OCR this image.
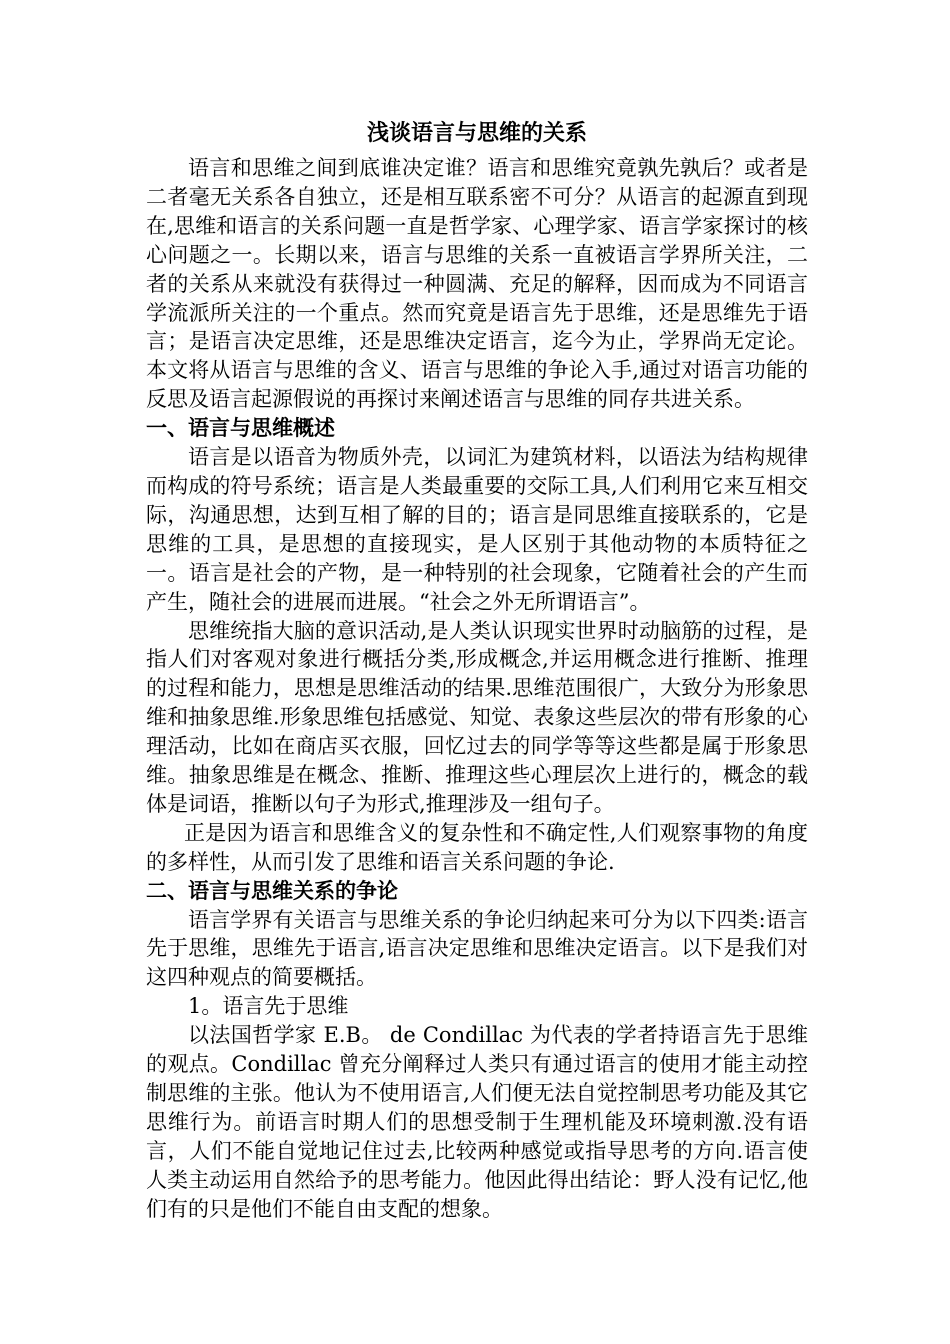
浅谈语言与思维的关系

语言和思维之间到底谁决定谁？语言和思维究竟孰先孰后？或者是二者毫无关系各自独立，还是相互联系密不可分？从语言的起源直到现在,思维和语言的关系问题一直是哲学家、心理学家、语言学家探讨的核心问题之一。长期以来，语言与思维的关系一直被语言学界所关注，二者的关系从来就没有获得过一种圆满、充足的解释，因而成为不同语言学流派所关注的一个重点。然而究竟是语言先于思维，还是思维先于语言；是语言决定思维，还是思维决定语言，迄今为止，学界尚无定论。本文将从语言与思维的含义、语言与思维的争论入手,通过对语言功能的反思及语言起源假说的再探讨来阐述语言与思维的同存共进关系。

一、语言与思维概述

语言是以语音为物质外壳，以词汇为建筑材料，以语法为结构规律而构成的符号系统；语言是人类最重要的交际工具,人们利用它来互相交际，沟通思想，达到互相了解的目的；语言是同思维直接联系的，它是思维的工具，是思想的直接现实，是人区别于其他动物的本质特征之一。语言是社会的产物，是一种特别的社会现象，它随着社会的产生而产生，随社会的进展而进展。“社会之外无所谓语言”。

思维统指大脑的意识活动,是人类认识现实世界时动脑筋的过程，是指人们对客观对象进行概括分类,形成概念,并运用概念进行推断、推理的过程和能力，思想是思维活动的结果.思维范围很广，大致分为形象思维和抽象思维.形象思维包括感觉、知觉、表象这些层次的带有形象的心理活动，比如在商店买衣服，回忆过去的同学等等这些都是属于形象思维。抽象思维是在概念、推断、推理这些心理层次上进行的，概念的载体是词语，推断以句子为形式,推理涉及一组句子。

正是因为语言和思维含义的复杂性和不确定性,人们观察事物的角度的多样性，从而引发了思维和语言关系问题的争论.

二、语言与思维关系的争论

语言学界有关语言与思维关系的争论归纳起来可分为以下四类:语言先于思维，思维先于语言,语言决定思维和思维决定语言。以下是我们对这四种观点的简要概括。

1。语言先于思维

以法国哲学家 E.B。 de Condillac 为代表的学者持语言先于思维的观点。Condillac 曾充分阐释过人类只有通过语言的使用才能主动控制思维的主张。他认为不使用语言,人们便无法自觉控制思考功能及其它思维行为。前语言时期人们的思想受制于生理机能及环境刺激.没有语言，人们不能自觉地记住过去,比较两种感觉或指导思考的方向.语言使人类主动运用自然给予的思考能力。他因此得出结论：野人没有记忆,他们有的只是他们不能自由支配的想象。
